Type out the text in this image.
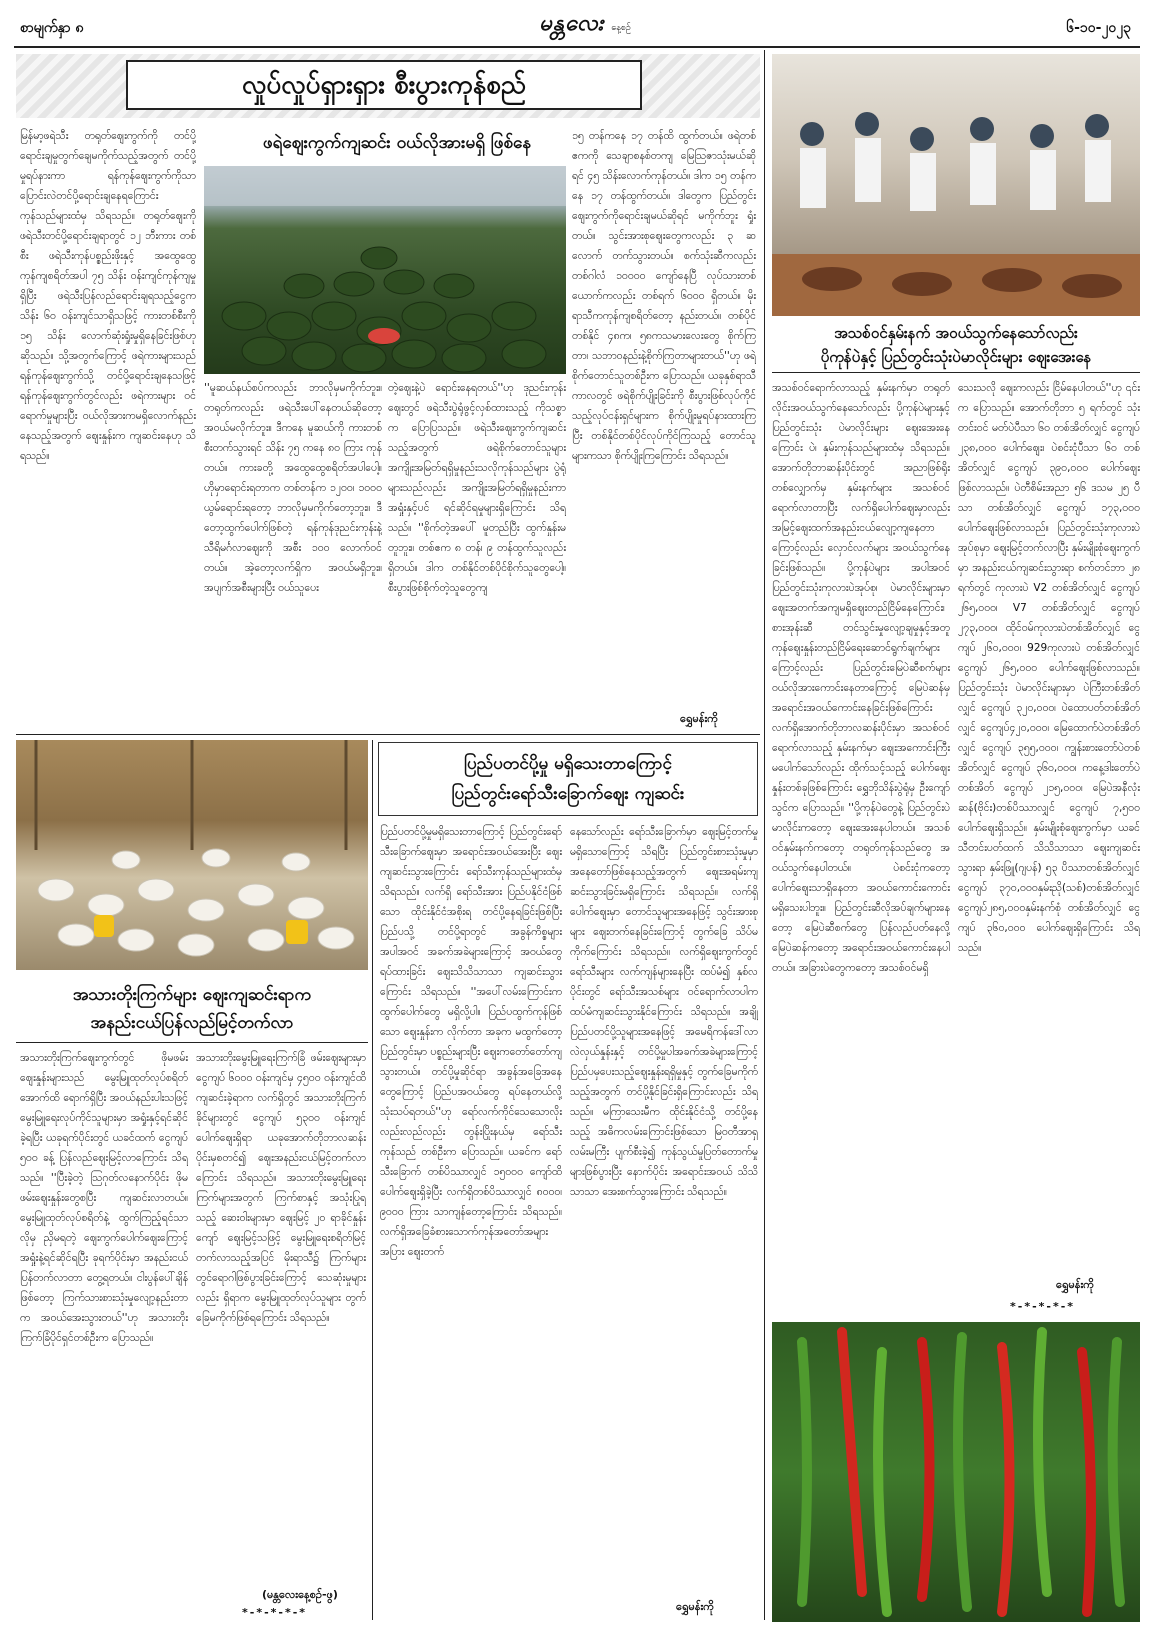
စာမျက်နှာ ၈	မန္တလေး နေ့စဉ်	၆-၁၀-၂၀၂၃
လှုပ်လှုပ်ရှားရှား စီးပွားကုန်စည်
မြန်မာ့ဖရဲသီး တရုတ်ဈေးကွက်ကို တင်ပို့ရောင်းချမှုတွက်ချေမကိုက်သည့်အတွက် တင်ပို့မှုရပ်နားကာ ရန်ကုန်ဈေးကွက်ကိုသာ ပြောင်းလဲတင်ပို့ရောင်းချနေရကြောင်း ကုန်သည်များထံမှ သိရသည်။ တရုတ်ဈေးကို ဖရဲသီးတင်ပို့ရောင်းချရာတွင် ၁၂ ဘီးကား တစ်စီး ဖရဲသီးကုန်ပစ္စည်းဖိုးနှင့် အထွေထွေကုန်ကျစရိတ်အပါ ၇၅ သိန်း ဝန်းကျင်ကုန်ကျမှုရှိပြီး ဖရဲသီးပြန်လည်ရောင်းချရသည့်ငွေက သိန်း ၆၀ ဝန်းကျင်သာရှိသဖြင့် ကားတစ်စီးကို ၁၅ သိန်း လောက်ဆုံးရှုံးမှုရှိနေခြင်းဖြစ်ဟု ဆိုသည်။ သို့အတွက်ကြောင့် ဖရဲကားများသည် ရန်ကုန်ဈေးကွက်သို့ တင်ပို့ရောင်းချနေသဖြင့် ရန်ကုန်ဈေးကွက်တွင်လည်း ဖရဲကားများ ဝင်ရောက်မှုများပြီး ဝယ်လိုအားကမရှိလောက်နည်းနေသည့်အတွက် ဈေးနှုန်းက ကျဆင်းနေဟု သိရသည်။
ဖရဲဈေးကွက်ကျဆင်း ဝယ်လိုအားမရှိ ဖြစ်နေ
''မူဆယ်နယ်စပ်ကလည်း ဘာလိုမှမကိုက်ဘူး။ တရုတ်ကလည်း ဖရဲသီးပေါ်နေတယ်ဆိုတော့ အဝယ်မလိုက်ဘူး။ ဒီကနေ မူဆယ်ကို ကားတစ်စီးတက်သွားရင် သိန်း ၇၅ ကနေ ၈၀ ကြား ကုန်တယ်။ ကားခတို့ အထွေထွေစရိတ်အပါပေါ့။ ဟိုမှာရောင်းရတာက တစ်တန်က ၁၂၀၀၊ ၁၀၀၀ ယွမ်ရောင်းရတော့ ဘာလိုမှမကိုက်တော့ဘူး။ ဒီတော့ထွက်ပေါက်ဖြစ်တဲ့ ရန်ကုန်ဒုညင်းကုန်းနဲ့ သီရိမင်္ဂလာဈေးကို အစီး ၁၀၀ လောက်ဝင်တယ်။ အဲ့တော့လက်ရှိက အဝယ်မရှိဘူး။ အပျက်အစီးများပြီး ဝယ်သူပေး
တဲ့ဈေးနဲ့ပဲ ရောင်းနေရတယ်''ဟု ဒုညင်းကုန်းဈေးတွင် ဖရဲသီးပွဲရုံဖွင့်လှစ်ထားသည့် ကိုသစ္စာက ပြောပြသည်။ ဖရဲသီးဈေးကွက်ကျဆင်းသည့်အတွက် ဖရဲစိုက်တောင်သူများ အကျိုးအမြတ်ရရှိမှုနည်းသလိုကုန်သည်များ ပွဲရုံများသည်လည်း အကျိုးအမြတ်ရရှိမှုနည်းကာ အရှုံးနှင့်ပင် ရင်ဆိုင်ရမှုများရှိကြောင်း သိရသည်။ ''စိုက်တဲ့အပေါ် မူတည်ပြီး ထွက်နှုန်းမတူဘူး။ တစ်ဧက ၈ တန်၊ ၉ တန်ထွက်သူလည်းရှိတယ်။ ဒါက တစ်နိုင်တစ်ပိုင်စိုက်သူတွေပေါ့။ စီးပွားဖြစ်စိုက်တဲ့သူတွေကျ
၁၅ တန်ကနေ ၁၇ တန်ထိ ထွက်တယ်။ ဖရဲတစ်ဧကကို သေချာစနစ်တကျ မြေသြဇာသုံးမယ်ဆိုရင် ၄၅ သိန်းလောက်ကုန်တယ်။ ဒါက ၁၅ တန်ကနေ ၁၇ တန်ထွက်တယ်။ ဒါတွေက ပြည်တွင်းဈေးကွက်ကိုရောင်းချမယ်ဆိုရင် မကိုက်ဘူး ရှုံးတယ်။ သွင်းအားစုဈေးတွေကလည်း ၃ ဆ လောက် တက်သွားတယ်။ စက်သုံးဆီကလည်း တစ်ဂါလံ ၁၀၀၀၀ ကျော်နေပြီ လုပ်သားတစ်ယောက်ကလည်း တစ်ရက် ၆၀၀၀ ရှိတယ်။ မိုးရာသီကကုန်ကျစရိတ်တော့ နည်းတယ်။ တစ်ပိုင်တစ်နိုင် ၄၈က၊ ၅၈ကသမားလေးတွေ စိုက်ကြတာ၊ သဘာဝနည်းနဲ့စိုက်ကြတာများတယ်''ဟု ဖရဲစိုက်တောင်သူတစ်ဦးက ပြောသည်။ ယခုနှစ်ရာသီကာလတွင် ဖရဲစိုက်ပျိုးခြင်းကို စီးပွားဖြစ်လုပ်ကိုင်သည့်လုပ်ငန်းရှင်များက စိုက်ပျိုးမှုရပ်နားထားကြပြီး တစ်နိုင်တစ်ပိုင်လုပ်ကိုင်ကြသည့် တောင်သူများကသာ စိုက်ပျိုးကြကြောင်း သိရသည်။
ရွှေမန်းကို
အသစ်ဝင်နှမ်းနက် အဝယ်သွက်နေသော်လည်း
ပိုကုန်ပဲနှင့် ပြည်တွင်းသုံးပဲမာလိုင်းများ ဈေးအေးနေ
အသစ်ဝင်ရောက်လာသည့် နှမ်းနက်မှာ တရုတ်လိုင်းအဝယ်သွက်နေသော်လည်း ပို့ကုန်ပဲများနှင့်ပြည်တွင်းသုံး ပဲမာလိုင်းများ ဈေးအေးနေကြောင်း ပဲ၊ နှမ်းကုန်သည်များထံမှ သိရသည်။ အောက်တိုဘာဆန်းပိုင်းတွင် အညာဖြစ်ရိုးတစ်လျှောက်မှ နှမ်းနက်များ အသစ်ဝင်ရောက်လာတာပြီး လက်ရှိပေါက်ဈေးမှာလည်း အမြင့်ဈေးထက်အနည်းငယ်လျော့ကျနေတာကြောင့်လည်း လှောင်လက်များ အဝယ်သွက်နေခြင်းဖြစ်သည်။ ပို့ကုန်ပဲများ အပါအဝင် ပြည်တွင်းသုံးကုလားပဲအုပ်စု၊ ပဲမာလိုင်းများမှာ ဈေးအတက်အကျမရှိဈေးတည်ငြိမ်နေကြောင်း၊ စားအုန်းဆီ တင်သွင်းမှုလျော့ချမှုနှင့်အတူ ကုန်ဈေးနှုန်းတည်ငြိမ်ရေးဆောင်ရွက်ချက်များကြောင့်လည်း ပြည်တွင်းမြေပဲဆီစက်များ ဝယ်လိုအားကောင်းနေတာကြောင့် မြေပဲဆန်မှ အရောင်းအဝယ်ကောင်းနေခြင်းဖြစ်ကြောင်း လက်ရှိအောက်တိုဘာလဆန်းပိုင်းမှာ အသစ်ဝင်ရောက်လာသည့် နှမ်းနက်မှာ ဈေးအကောင်းကြီးမပေါက်သော်လည်း ထိုက်သင့်သည့် ပေါက်ဈေးနှုန်းတစ်ခုဖြစ်ကြောင်း ရွှေဘိုသိန်းပွဲရုံမှ ဦးကျော်သွင်က ပြောသည်။ ''ပို့ကုန်ပဲတွေနဲ့ ပြည်တွင်းပဲမာလိုင်းကတော့ ဈေးအေးနေပါတယ်။ အသစ်ဝင်နှမ်းနက်ကတော့ တရုတ်ကုန်သည်တွေ အဝယ်သွက်နေပါတယ်။ ပဲစင်းငုံကတော့ ပေါက်ဈေးသာရှိနေတာ အဝယ်ကောင်းကောင်း မရှိသေးပါဘူး။ ပြည်တွင်းဆီလိုအပ်ချက်များနေတော့ မြေပဲဆီစက်တွေ ပြန်လည်ပတ်နေလို့ မြေပဲဆန်ကတော့ အရောင်းအဝယ်ကောင်းနေပါတယ်။ အခြားပဲတွေကတော့ အသစ်ဝင်မရှိ
သေးသလို ဈေးကလည်း ငြိမ်နေပါတယ်''ဟု ၎င်းက ပြောသည်။ အောက်တိုဘာ ၅ ရက်တွင် သုံးတင်းဝင် မတ်ပဲပီသာ ၆၀ တစ်အိတ်လျှင် ငွေကျပ် ၂၃၈,၀၀၀ ပေါက်ဈေး၊ ပဲစင်းငုံပီသာ ၆၀ တစ်အိတ်လျှင် ငွေကျပ် ၃၉၀,၀၀၀ ပေါက်ဈေး ဖြစ်လာသည်။ ပဲတီစိမ်းအညာ ၅၆ ဒသမ ၂၅ ပီသာ တစ်အိတ်လျှင် ငွေကျပ် ၁၇၃,၀၀၀ ပေါက်ဈေးဖြစ်လာသည်။ ပြည်တွင်းသုံးကုလားပဲအုပ်စုမှာ ဈေးမြင့်တက်လာပြီး နှမ်းမျိုးစုံဈေးကွက်မှာ အနည်းငယ်ကျဆင်းသွားရာ စက်တင်ဘာ ၂၈ ရက်တွင် ကုလားပဲ V2 တစ်အိတ်လျှင် ငွေကျပ် ၂၆၅,၀၀၀၊ V7 တစ်အိတ်လျှင် ငွေကျပ် ၂၇၃,၀၀၀၊ ထိုင်ဝမ်ကုလားပဲတစ်အိတ်လျှင် ငွေကျပ် ၂၆၀,၀၀၀၊ 929ကုလားပဲ တစ်အိတ်လျှင် ငွေကျပ် ၂၆၅,၀၀၀ ပေါက်ဈေးဖြစ်လာသည်။ ပြည်တွင်းသုံး ပဲမာလိုင်းများမှာ ပဲကြီးတစ်အိတ်လျှင် ငွေကျပ် ၃၂၀,၀၀၀၊ ပဲထောပတ်တစ်အိတ်လျှင် ငွေကျပ်၄၂၀,၀၀၀၊ မြေထောက်ပဲတစ်အိတ်လျှင် ငွေကျပ် ၃၅၅,၀၀၀၊ ကျွန်းစားတော်ပဲတစ်အိတ်လျှင် ငွေကျပ် ၃၆၀,၀၀၀၊ ကနေ့ဒါးတော်ပဲ တစ်အိတ် ငွေကျပ် ၂၁၅,၀၀၀၊ မြေပဲအနီလုံးဆန်(ဗိုင်း)တစ်ပိဿာလျှင် ငွေကျပ် ၇,၅၀၀ ပေါက်ဈေးရှိသည်။ နှမ်းမျိုးစုံဈေးကွက်မှာ ယခင်သီတင်းပတ်ထက် သိသိသာသာ ဈေးကျဆင်းသွားရာ နှမ်းဖြူ(ဂျပန်) ၅၃ ပိဿာတစ်အိတ်လျှင် ငွေကျပ် ၃၇၀,၀၀၀နှမ်းညို(သစ်)တစ်အိတ်လျှင်ငွေကျပ်၂၈၅,၀၀၀နှမ်းနက်စုံ တစ်အိတ်လျှင် ငွေကျပ် ၃၆၀,၀၀၀ ပေါက်ဈေးရှိကြောင်း သိရသည်။
ရွှေမန်းကို
*-*-*-*-*
အသားတိုးကြက်များ ဈေးကျဆင်းရာက
အနည်းငယ်ပြန်လည်မြင့်တက်လာ
အသားတိုးကြက်ဈေးကွက်တွင် ဖိုမဖမ်းဈေးနှုန်းများသည် မွေးမြူထုတ်လုပ်စရိတ်အောက်ထိ ရောက်ရှိပြီး အဝယ်နည်းပါးသဖြင့် မွေးမြူရေးလုပ်ကိုင်သူများမှာ အရှုံးနှင့်ရင်ဆိုင်ခဲ့ရပြီး ယခုရက်ပိုင်းတွင် ယခင်ထက် ငွေကျပ် ၅၀၀ ခန့် ပြန်လည်ဈေးမြင့်လာကြောင်း သိရသည်။ ''ပြီးခဲ့တဲ့ သြဂုတ်လနောက်ပိုင်း ဖိုမဖမ်းဈေးနှုန်းတွေစပြီး ကျဆင်းလာတယ်။ မွေးမြူထုတ်လုပ်စရိတ်နဲ့ ထွက်ကြည့်ရင်သာလိုမှ ညှိမရတဲ့ ဈေးကွက်ပေါက်ဈေးကြောင့် အရှုံးနဲ့ရင်ဆိုင်ရပြီး ခုရက်ပိုင်းမှာ အနည်းငယ်ပြန်တက်လာတာ တွေ့ရတယ်။ ငါးပွန်ပေါ်ချိန်ဖြစ်တော့ ကြက်သားစားသုံးမှုလျော့နည်းတာက အဝယ်အေးသွားတယ်''ဟု အသားတိုးကြက်ခြံပိုင်ရှင်တစ်ဦးက ပြောသည်။
အသားတိုးမွေးမြူရေးကြက်ခြံ ဖမ်းဈေးများမှာ ငွေကျပ် ၆၀၀၀ ဝန်းကျင်မှ ၄၅၀၀ ဝန်းကျင်ထိ ကျဆင်းခဲ့ရာက လက်ရှိတွင် အသားတိုးကြက်ခိုင်များတွင် ငွေကျပ် ၅၃၀၀ ဝန်းကျင်ပေါက်ဈေးရှိရာ ယခုအောက်တိုဘာလဆန်းပိုင်းမှစတင်၍ ဈေးအနည်းငယ်မြင့်တက်လာကြောင်း သိရသည်။ အသားတိုးမွေးမြူရေးကြက်များအတွက် ကြက်စာနှင့် အသုံးပြုရသည့် ဆေးဝါးများမှာ ဈေးမြင့် ၂၀ ရာခိုင်နှုန်းကျော် ဈေးမြင့်သဖြင့် မွေးမြူရေးစရိတ်မြင့်တက်လာသည့်အပြင် မိုးရာသီ၌ ကြက်များတွင်ရောဂါဖြစ်ပွားခြင်းကြောင့် သေဆုံးမှုများလည်း ရှိရာက မွေးမြူထုတ်လုပ်သူများ တွက်ခြေမကိုက်ဖြစ်ရကြောင်း သိရသည်။
(မန္တလေးနေ့စဉ်-ဖွ)
*-*-*-*-*
ပြည်ပတင်ပို့မှု မရှိသေးတာကြောင့်
ပြည်တွင်းရော်သီးခြောက်ဈေး ကျဆင်း
ပြည်ပတင်ပို့မှုမရှိသေးတာကြောင့် ပြည်တွင်းရော်သီးခြောက်ဈေးမှာ အရောင်းအဝယ်အေးပြီး ဈေးကျဆင်းသွားကြောင်း ရော်သီးကုန်သည်များထံမှ သိရသည်။ လက်ရှိ ရော်သီးအား ပြည်ပနိုင်ငံဖြစ်သော ထိုင်းနိုင်ငံအစိုးရ တင်ပို့နေရခြင်းဖြစ်ပြီး ပြည်ပသို့ တင်ပို့ရာတွင် အခွန်ကိစ္စများ အပါအဝင် အခက်အခဲများကြောင့် အဝယ်တွေရပ်ထားခြင်း ဈေးသိသိသာသာ ကျဆင်းသွားကြောင်း သိရသည်။ ''အပေါ်လမ်းကြောင်းက ထွက်ပေါက်တွေ မရှိလို့ပါ။ ပြည်ပထွက်ကုန်ဖြစ်သော ဈေးနှုန်းက လိုက်တာ အခုက မထွက်တော့ ပြည်တွင်းမှာ ပစ္စည်းများပြီး ဈေးကတော်တော်ကျသွားတယ်။ တင်ပို့မှုဆိုင်ရာ အခွန်အခြေအနေတွေကြောင့် ပြည်ပအဝယ်တွေ ရပ်နေတယ်လို့ သုံးသပ်ရတယ်''ဟု ရော်လက်ကိုင်သေသောလိုးလည်းလည်လည်း တွန်းပြိုးနယ်မှ ရော်သီးကုန်သည် တစ်ဦးက ပြောသည်။ ယခင်က ရော်သီးခြောက် တစ်ပိဿာလျှင် ၁၅၀၀၀ ကျော်ထိ ပေါက်ဈေးရှိခဲ့ပြီး လက်ရှိတစ်ပိဿာလျှင် ၈၀၀၀၊ ၉၀၀၀ ကြား သာကျန်တော့ကြောင်း သိရသည်။ လက်ရှိအခြေခံစားသောက်ကုန်အတော်အများအပြား ဈေးတက်
နေသော်လည်း ရော်သီးခြောက်မှာ ဈေးမြင့်တက်မှုမရှိသောကြောင့် သိရပြီး ပြည်တွင်းစားသုံးမှုမှာအနေတော်ဖြစ်နေသည့်အတွက် ဈေးအရမ်းကျဆင်းသွားခြင်းမရှိကြောင်း သိရသည်။ လက်ရှိပေါက်ဈေးမှာ တောင်သူများအနေဖြင့် သွင်းအားစုများ ဈေးတက်နေခြင်းကြောင့် တွက်ခြေ သိပ်မကိုက်ကြောင်း သိရသည်။ လက်ရှိဈေးကွက်တွင် ရော်သီးများ လက်ကျန်များနေပြီး ထပ်မံ၍ နှစ်လပိုင်းတွင် ရော်သီးအသစ်များ ဝင်ရောက်လာပါက ထပ်မံကျဆင်းသွားနိုင်ကြောင်း သိရသည်။ အချို့ ပြည်ပတင်ပို့သူများအနေဖြင့် အမေရိကန်ဒေါ်လာလဲလှယ်နှုန်းနှင့် တင်ပို့မှုပါအခက်အခဲများကြောင့် ပြည်ပမှပေးသည့်ဈေးနှုန်းရရှိမှုနှင့် တွက်ခြေမကိုက်သည့်အတွက် တင်ပို့နိုင်ခြင်းရှိကြောင်းလည်း သိရသည်။ မကြာသေးမီက ထိုင်းနိုင်ငံသို့ တင်ပို့နေသည့် အဓိကလမ်းကြောင်းဖြစ်သော မြဝတီအာရှလမ်းမကြီး ပျက်စီးခဲ့၍ ကုန်သွယ်မှုပြတ်တောက်မှုများဖြစ်ပွားပြီး နောက်ပိုင်း အရောင်းအဝယ် သိသိသာသာ အေးစက်သွားကြောင်း သိရသည်။
ရွှေမန်းကို
